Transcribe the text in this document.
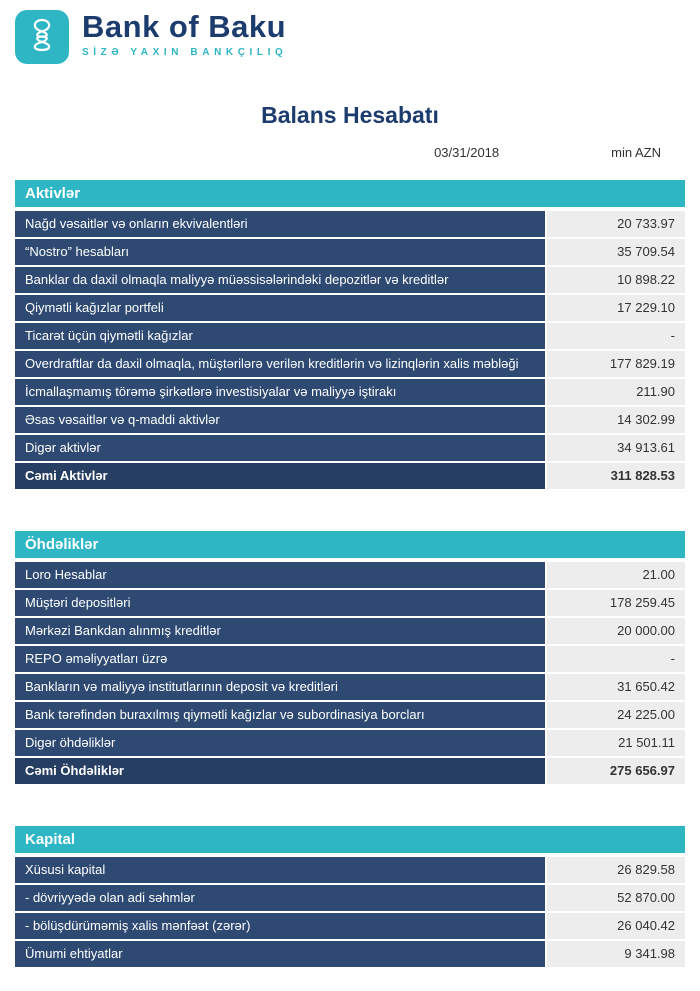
Bank of Baku
SİZƏ YAXIN BANKÇILIQ
Balans Hesabatı
03/31/2018	min AZN
Aktivlər
Nağd vəsaitlər və onların ekvivalentləri	20 733.97
“Nostro” hesabları	35 709.54
Banklar da daxil olmaqla maliyyə müəssisələrindəki depozitlər və kreditlər	10 898.22
Qiymətli kağızlar portfeli	17 229.10
Ticarət üçün qiymətli kağızlar	-
Overdraftlar da daxil olmaqla, müştərilərə verilən kreditlərin və lizinqlərin xalis məbləği	177 829.19
İcmallaşmamış törəmə şirkətlərə investisiyalar və maliyyə iştirakı	211.90
Əsas vəsaitlər və q-maddi aktivlər	14 302.99
Digər aktivlər	34 913.61
Cəmi Aktivlər	311 828.53
Öhdəliklər
Loro Hesablar	21.00
Müştəri depositləri	178 259.45
Mərkəzi Bankdan alınmış kreditlər	20 000.00
REPO əməliyyatları üzrə	-
Bankların və maliyyə institutlarının deposit və kreditləri	31 650.42
Bank tərəfindən buraxılmış qiymətli kağızlar və subordinasiya borcları	24 225.00
Digər öhdəliklər	21 501.11
Cəmi Öhdəliklər	275 656.97
Kapital
Xüsusi kapital	26 829.58
- dövriyyədə olan adi səhmlər	52 870.00
- bölüşdürüməmiş xalis mənfəət (zərər)	26 040.42
Ümumi ehtiyatlar	9 341.98
